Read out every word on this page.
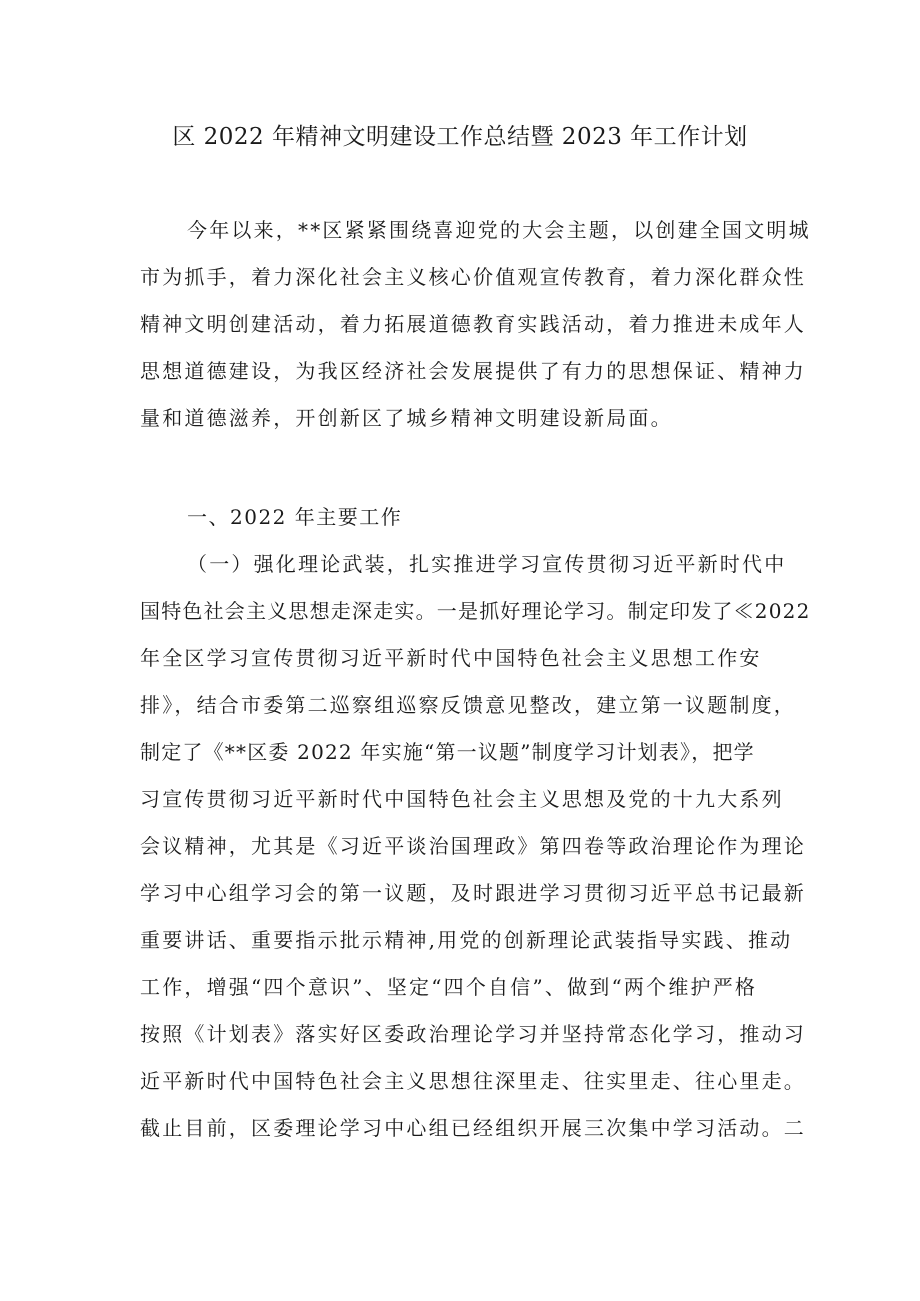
区 2022 年精神文明建设工作总结暨 2023 年工作计划

今年以来，**区紧紧围绕喜迎党的大会主题，以创建全国文明城

市为抓手，着力深化社会主义核心价值观宣传教育，着力深化群众性

精神文明创建活动，着力拓展道德教育实践活动，着力推进未成年人

思想道德建设，为我区经济社会发展提供了有力的思想保证、精神力

量和道德滋养，开创新区了城乡精神文明建设新局面。

一、2022 年主要工作

（一）强化理论武装，扎实推进学习宣传贯彻习近平新时代中

国特色社会主义思想走深走实。一是抓好理论学习。制定印发了≪2022

年全区学习宣传贯彻习近平新时代中国特色社会主义思想工作安

排》，结合市委第二巡察组巡察反馈意见整改，建立第一议题制度，

制定了《**区委 2022 年实施“第一议题”制度学习计划表》，把学

习宣传贯彻习近平新时代中国特色社会主义思想及党的十九大系列

会议精神，尤其是《习近平谈治国理政》第四卷等政治理论作为理论

学习中心组学习会的第一议题，及时跟进学习贯彻习近平总书记最新

重要讲话、重要指示批示精神,用党的创新理论武装指导实践、推动

工作，增强“四个意识”、坚定“四个自信”、做到“两个维护严格

按照《计划表》落实好区委政治理论学习并坚持常态化学习，推动习

近平新时代中国特色社会主义思想往深里走、往实里走、往心里走。

截止目前，区委理论学习中心组已经组织开展三次集中学习活动。二
